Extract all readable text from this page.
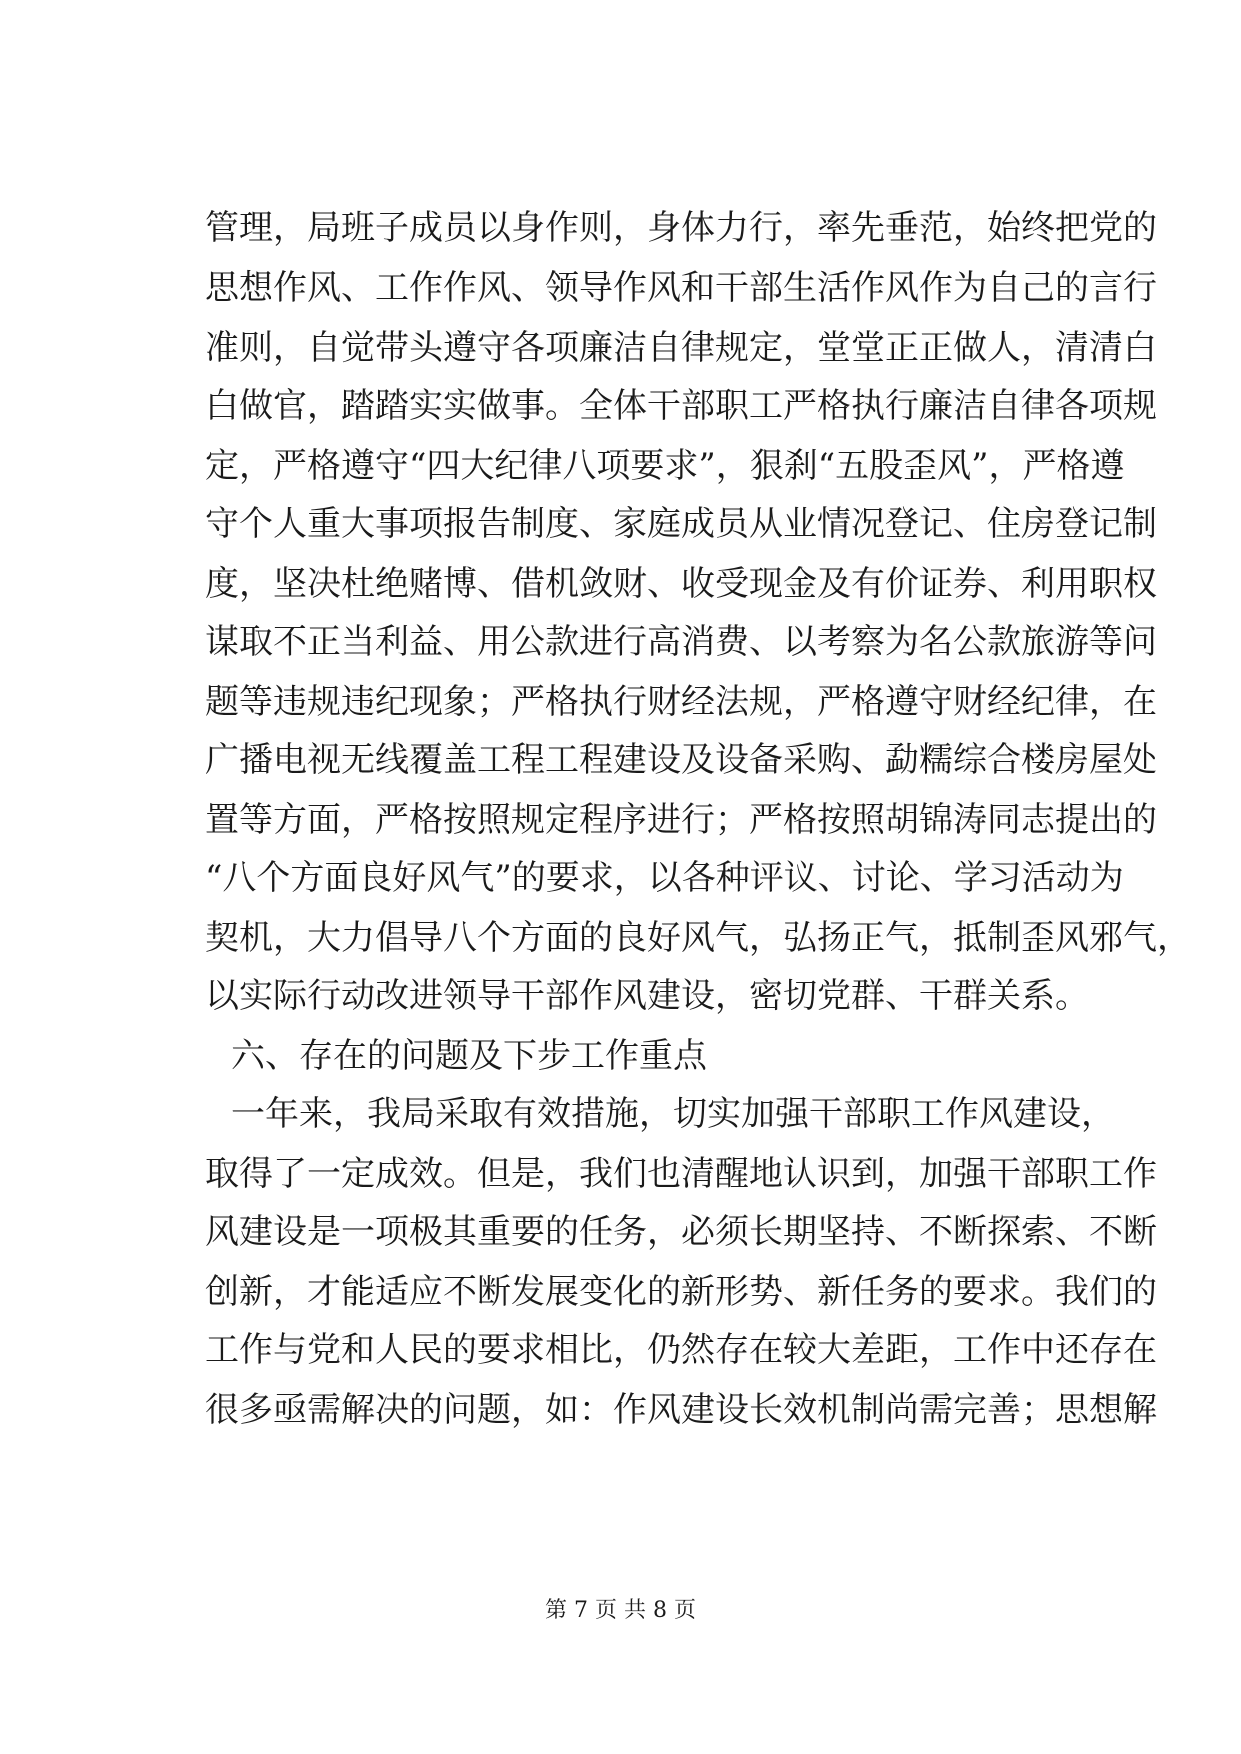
管理，局班子成员以身作则，身体力行，率先垂范，始终把党的
思想作风、工作作风、领导作风和干部生活作风作为自己的言行
准则，自觉带头遵守各项廉洁自律规定，堂堂正正做人，清清白
白做官，踏踏实实做事。全体干部职工严格执行廉洁自律各项规
定，严格遵守“四大纪律八项要求”，狠刹“五股歪风”，严格遵
守个人重大事项报告制度、家庭成员从业情况登记、住房登记制
度，坚决杜绝赌博、借机敛财、收受现金及有价证券、利用职权
谋取不正当利益、用公款进行高消费、以考察为名公款旅游等问
题等违规违纪现象；严格执行财经法规，严格遵守财经纪律，在
广播电视无线覆盖工程工程建设及设备采购、勐糯综合楼房屋处
置等方面，严格按照规定程序进行；严格按照胡锦涛同志提出的
“八个方面良好风气”的要求，以各种评议、讨论、学习活动为
契机，大力倡导八个方面的良好风气，弘扬正气，抵制歪风邪气，
以实际行动改进领导干部作风建设，密切党群、干群关系。
六、存在的问题及下步工作重点
一年来，我局采取有效措施，切实加强干部职工作风建设，
取得了一定成效。但是，我们也清醒地认识到，加强干部职工作
风建设是一项极其重要的任务，必须长期坚持、不断探索、不断
创新，才能适应不断发展变化的新形势、新任务的要求。我们的
工作与党和人民的要求相比，仍然存在较大差距，工作中还存在
很多亟需解决的问题，如：作风建设长效机制尚需完善；思想解
第 7 页 共 8 页
